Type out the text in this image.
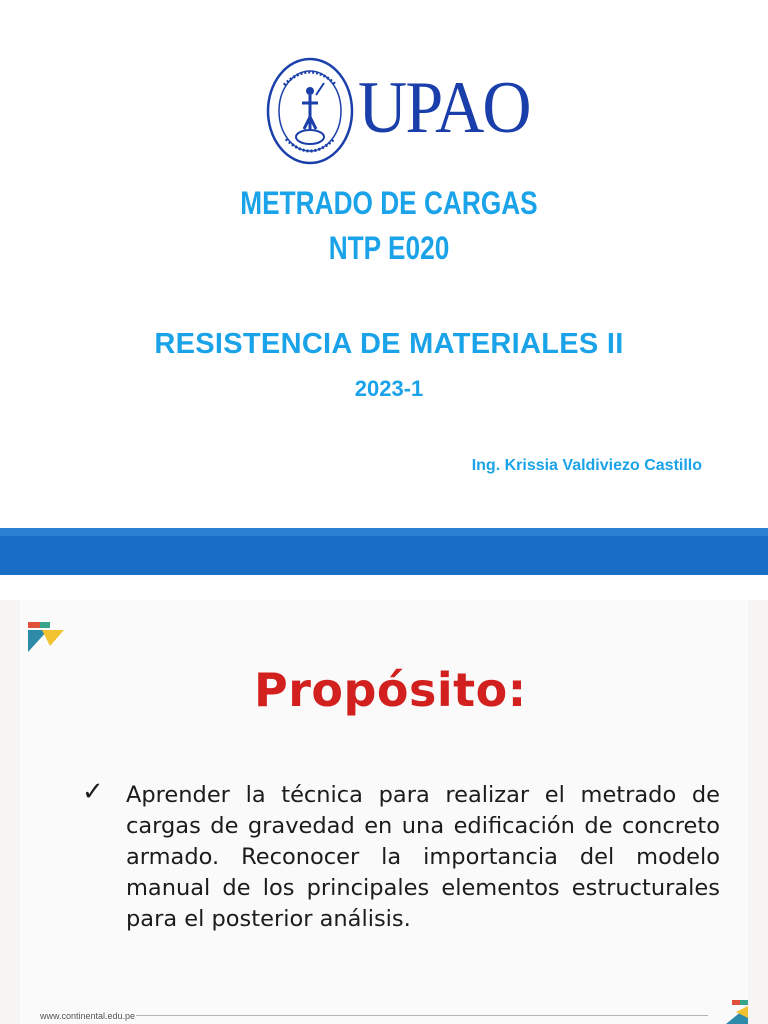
UPAO
METRADO DE CARGAS
NTP E020
RESISTENCIA DE MATERIALES II
2023-1
Ing. Krissia Valdiviezo Castillo
Propósito:
✓ Aprender la técnica para realizar el metrado de cargas de gravedad en una edificación de concreto armado. Reconocer la importancia del modelo manual de los principales elementos estructurales para el posterior análisis.
www.continental.edu.pe
